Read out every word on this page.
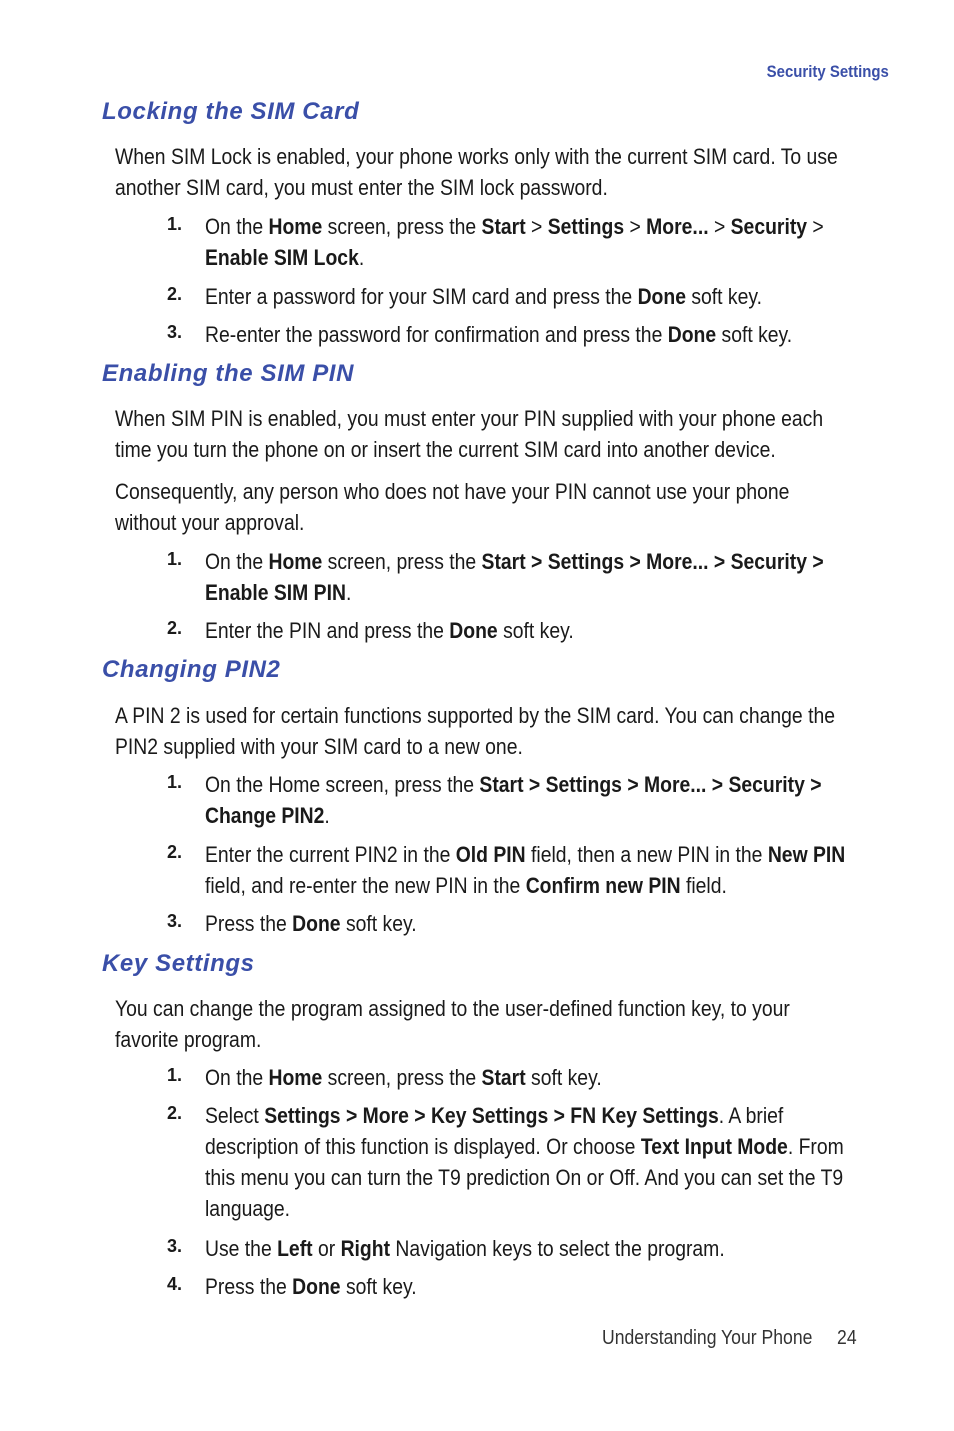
Security Settings
Locking the SIM Card

When SIM Lock is enabled, your phone works only with the current SIM card. To use
another SIM card, you must enter the SIM lock password.

1. On the Home screen, press the Start > Settings > More... > Security >
Enable SIM Lock.

2. Enter a password for your SIM card and press the Done soft key.

3. Re-enter the password for confirmation and press the Done soft key.

Enabling the SIM PIN

When SIM PIN is enabled, you must enter your PIN supplied with your phone each
time you turn the phone on or insert the current SIM card into another device.

Consequently, any person who does not have your PIN cannot use your phone
without your approval.

1. On the Home screen, press the Start > Settings > More... > Security >
Enable SIM PIN.

2. Enter the PIN and press the Done soft key.

Changing PIN2

A PIN 2 is used for certain functions supported by the SIM card. You can change the
PIN2 supplied with your SIM card to a new one.

1. On the Home screen, press the Start > Settings > More... > Security >
Change PIN2.

2. Enter the current PIN2 in the Old PIN field, then a new PIN in the New PIN
field, and re-enter the new PIN in the Confirm new PIN field.

3. Press the Done soft key.

Key Settings

You can change the program assigned to the user-defined function key, to your
favorite program.

1. On the Home screen, press the Start soft key.

2. Select Settings > More > Key Settings > FN Key Settings. A brief
description of this function is displayed. Or choose Text Input Mode. From
this menu you can turn the T9 prediction On or Off. And you can set the T9
language.

3. Use the Left or Right Navigation keys to select the program.

4. Press the Done soft key.

Understanding Your Phone 24
